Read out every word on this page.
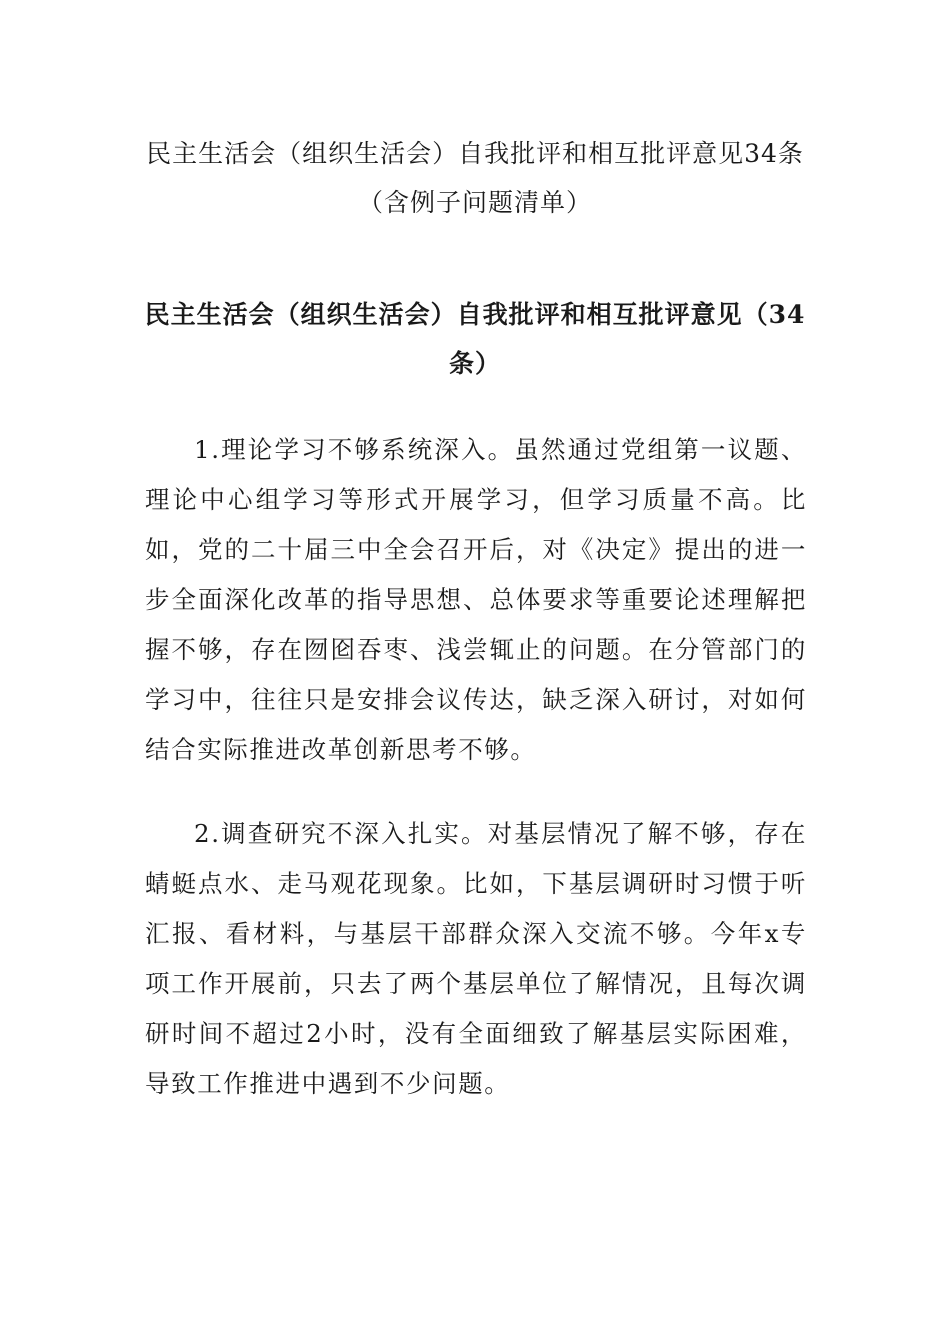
民主生活会（组织生活会）自我批评和相互批评意见34条
（含例子问题清单）
民主生活会（组织生活会）自我批评和相互批评意见（34
条）

1.理论学习不够系统深入。虽然通过党组第一议题、理论中心组学习等形式开展学习，但学习质量不高。比如，党的二十届三中全会召开后，对《决定》提出的进一步全面深化改革的指导思想、总体要求等重要论述理解把握不够，存在囫囵吞枣、浅尝辄止的问题。在分管部门的学习中，往往只是安排会议传达，缺乏深入研讨，对如何结合实际推进改革创新思考不够。

2.调查研究不深入扎实。对基层情况了解不够，存在蜻蜓点水、走马观花现象。比如，下基层调研时习惯于听汇报、看材料，与基层干部群众深入交流不够。今年x专项工作开展前，只去了两个基层单位了解情况，且每次调研时间不超过2小时，没有全面细致了解基层实际困难，导致工作推进中遇到不少问题。
